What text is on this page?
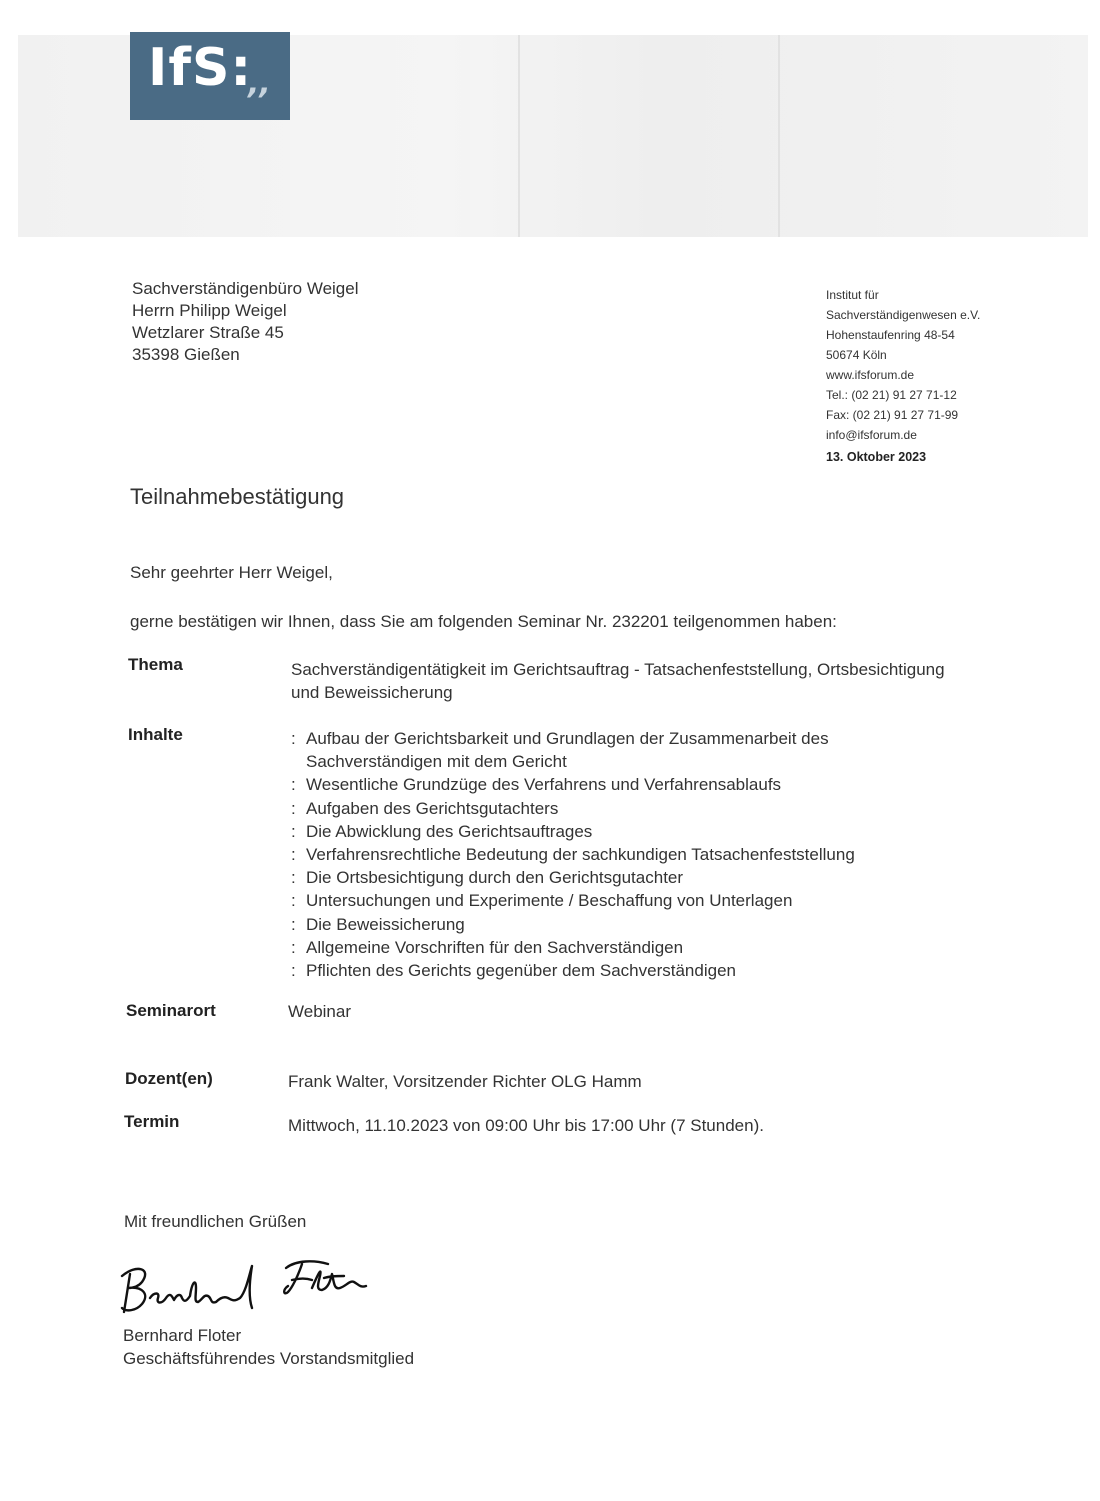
IfS:
,,
Sachverständigenbüro Weigel
Herrn Philipp Weigel
Wetzlarer Straße 45
35398 Gießen
Institut für
Sachverständigenwesen e.V.
Hohenstaufenring 48-54
50674 Köln
www.ifsforum.de
Tel.: (02 21) 91 27 71-12
Fax: (02 21) 91 27 71-99
info@ifsforum.de
13. Oktober 2023
Teilnahmebestätigung
Sehr geehrter Herr Weigel,
gerne bestätigen wir Ihnen, dass Sie am folgenden Seminar Nr. 232201 teilgenommen haben:
Thema	Sachverständigentätigkeit im Gerichtsauftrag - Tatsachenfeststellung, Ortsbesichtigung
und Beweissicherung
Inhalte
:	Aufbau der Gerichtsbarkeit und Grundlagen der Zusammenarbeit des
Sachverständigen mit dem Gericht
: Wesentliche Grundzüge des Verfahrens und Verfahrensablaufs
: Aufgaben des Gerichtsgutachters
: Die Abwicklung des Gerichtsauftrages
: Verfahrensrechtliche Bedeutung der sachkundigen Tatsachenfeststellung
: Die Ortsbesichtigung durch den Gerichtsgutachter
: Untersuchungen und Experimente / Beschaffung von Unterlagen
: Die Beweissicherung
: Allgemeine Vorschriften für den Sachverständigen
: Pflichten des Gerichts gegenüber dem Sachverständigen
Seminarort	Webinar
Dozent(en)	Frank Walter, Vorsitzender Richter OLG Hamm
Termin	Mittwoch, 11.10.2023 von 09:00 Uhr bis 17:00 Uhr (7 Stunden).
Mit freundlichen Grüßen
Bernhard Floter
Bernhard Floter
Geschäftsführendes Vorstandsmitglied
